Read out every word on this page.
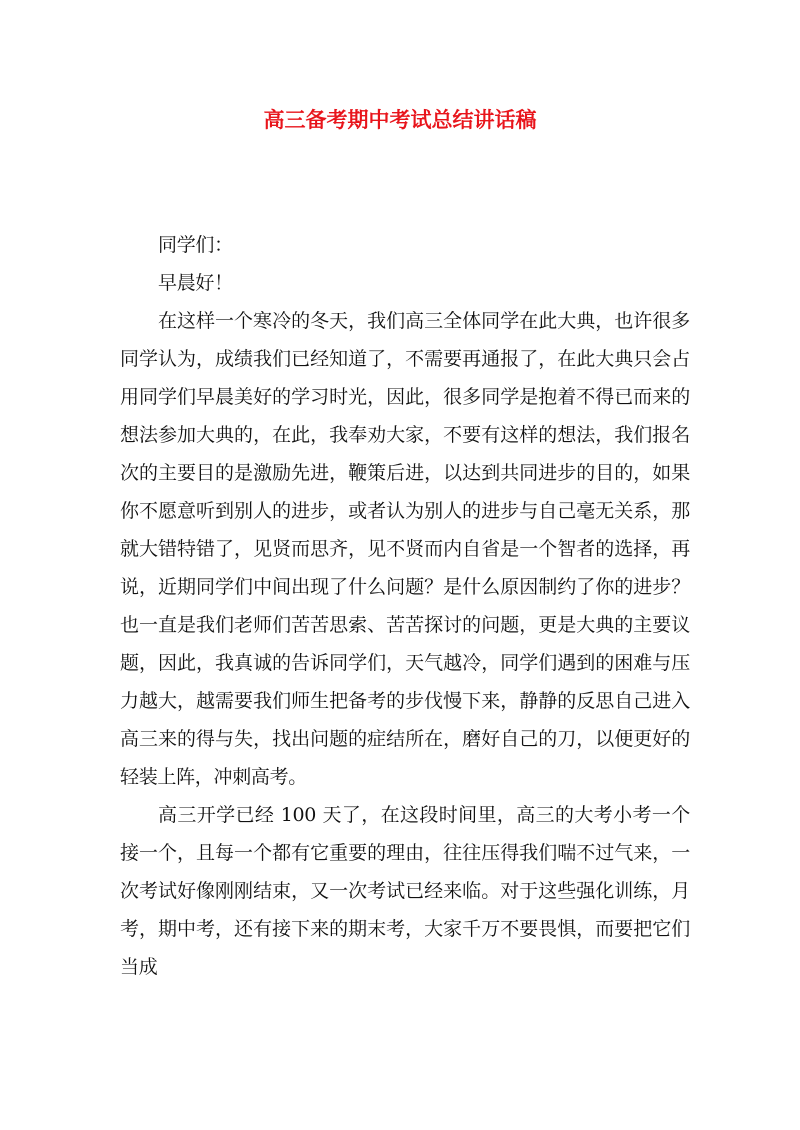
高三备考期中考试总结讲话稿

同学们：

早晨好！

在这样一个寒冷的冬天，我们高三全体同学在此大典，也许很多同学认为，成绩我们已经知道了，不需要再通报了，在此大典只会占用同学们早晨美好的学习时光，因此，很多同学是抱着不得已而来的想法参加大典的，在此，我奉劝大家，不要有这样的想法，我们报名次的主要目的是激励先进，鞭策后进，以达到共同进步的目的，如果你不愿意听到别人的进步，或者认为别人的进步与自己毫无关系，那就大错特错了，见贤而思齐，见不贤而内自省是一个智者的选择，再说，近期同学们中间出现了什么问题？是什么原因制约了你的进步？也一直是我们老师们苦苦思索、苦苦探讨的问题，更是大典的主要议题，因此，我真诚的告诉同学们，天气越冷，同学们遇到的困难与压力越大，越需要我们师生把备考的步伐慢下来，静静的反思自己进入高三来的得与失，找出问题的症结所在，磨好自己的刀，以便更好的轻装上阵，冲刺高考。

高三开学已经 100 天了，在这段时间里，高三的大考小考一个接一个，且每一个都有它重要的理由，往往压得我们喘不过气来，一次考试好像刚刚结束，又一次考试已经来临。对于这些强化训练，月考，期中考，还有接下来的期末考，大家千万不要畏惧，而要把它们当成
